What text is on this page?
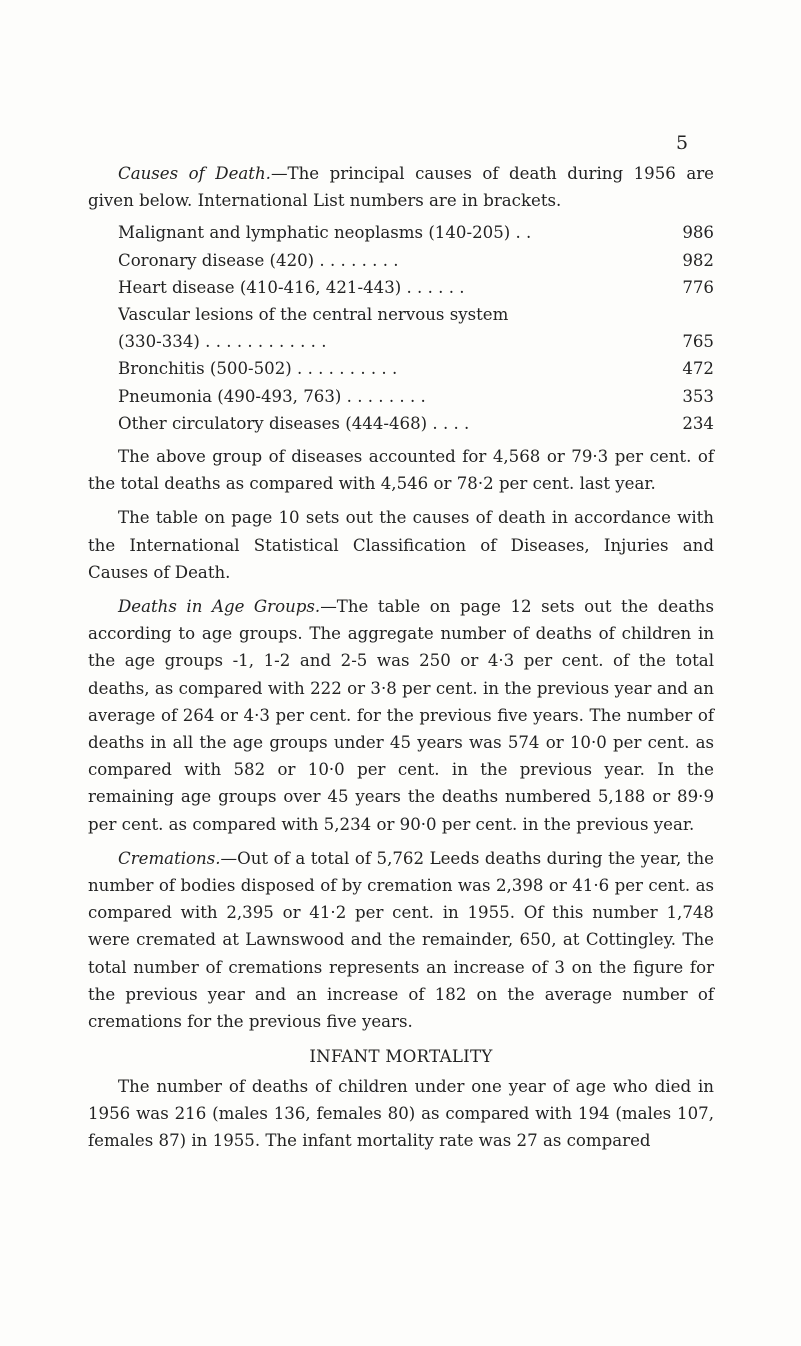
5

Causes of Death.—The principal causes of death during 1956 are given below. International List numbers are in brackets.

Malignant and lymphatic neoplasms (140-205) . .	986
Coronary disease (420) . . . . . . . .	982
Heart disease (410-416, 421-443) . . . . . .	776
Vascular lesions of the central nervous system	
(330-334) . . . . . . . . . . . .	765
Bronchitis (500-502) . . . . . . . . . .	472
Pneumonia (490-493, 763) . . . . . . . .	353
Other circulatory diseases (444-468) . . . .	234

The above group of diseases accounted for 4,568 or 79·3 per cent. of the total deaths as compared with 4,546 or 78·2 per cent. last year.

The table on page 10 sets out the causes of death in accordance with the International Statistical Classification of Diseases, Injuries and Causes of Death.

Deaths in Age Groups.—The table on page 12 sets out the deaths according to age groups. The aggregate number of deaths of children in the age groups -1, 1-2 and 2-5 was 250 or 4·3 per cent. of the total deaths, as compared with 222 or 3·8 per cent. in the previous year and an average of 264 or 4·3 per cent. for the previous five years. The number of deaths in all the age groups under 45 years was 574 or 10·0 per cent. as compared with 582 or 10·0 per cent. in the previous year. In the remaining age groups over 45 years the deaths numbered 5,188 or 89·9 per cent. as compared with 5,234 or 90·0 per cent. in the previous year.

Cremations.—Out of a total of 5,762 Leeds deaths during the year, the number of bodies disposed of by cremation was 2,398 or 41·6 per cent. as compared with 2,395 or 41·2 per cent. in 1955. Of this number 1,748 were cremated at Lawnswood and the remainder, 650, at Cottingley. The total number of cremations represents an increase of 3 on the figure for the previous year and an increase of 182 on the average number of cremations for the previous five years.

INFANT MORTALITY

The number of deaths of children under one year of age who died in 1956 was 216 (males 136, females 80) as compared with 194 (males 107, females 87) in 1955. The infant mortality rate was 27 as compared
